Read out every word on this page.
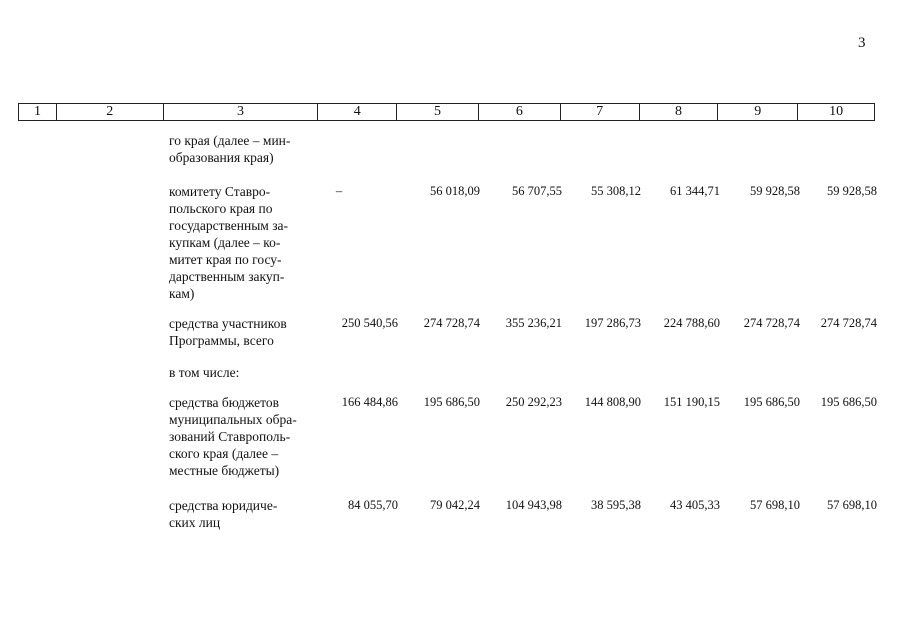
3
1	2	3	4	5	6	7	8	9	10
го края (далее – мин-
образования края)
комитету Ставро-
польского края по
государственным за-
купкам (далее – ко-
митет края по госу-
дарственным закуп-
кам)
–	56 018,09	56 707,55	55 308,12	61 344,71	59 928,58	59 928,58
средства участников
Программы, всего
250 540,56	274 728,74	355 236,21	197 286,73	224 788,60	274 728,74	274 728,74
в том числе:
средства бюджетов
муниципальных обра-
зований Ставрополь-
ского края (далее –
местные бюджеты)
166 484,86	195 686,50	250 292,23	144 808,90	151 190,15	195 686,50	195 686,50
средства юридиче-
ских лиц
84 055,70	79 042,24	104 943,98	38 595,38	43 405,33	57 698,10	57 698,10
